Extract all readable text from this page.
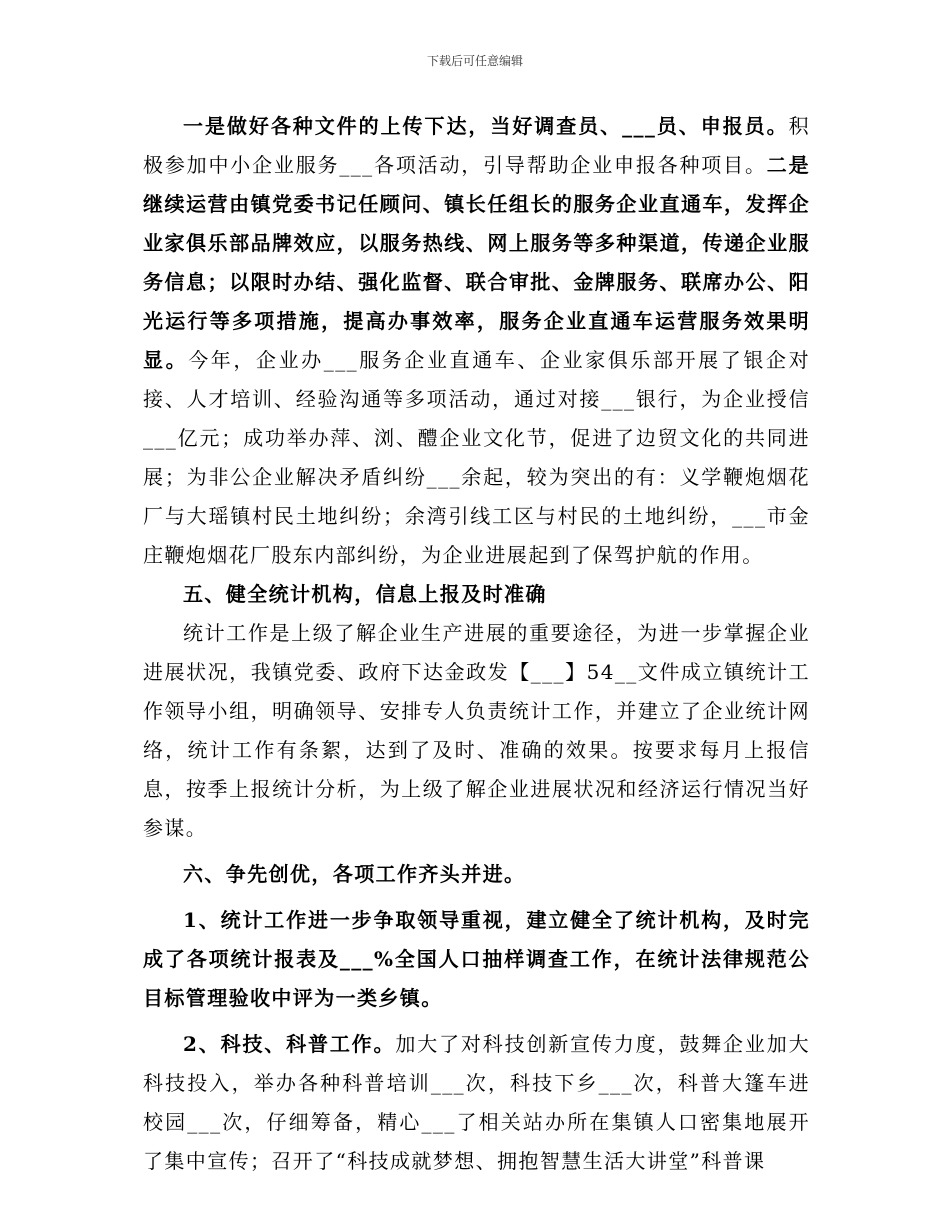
下载后可任意编辑

一是做好各种文件的上传下达，当好调查员、___员、申报员。积极参加中小企业服务___各项活动，引导帮助企业申报各种项目。二是继续运营由镇党委书记任顾问、镇长任组长的服务企业直通车，发挥企业家俱乐部品牌效应，以服务热线、网上服务等多种渠道，传递企业服务信息；以限时办结、强化监督、联合审批、金牌服务、联席办公、阳光运行等多项措施，提高办事效率，服务企业直通车运营服务效果明显。今年，企业办___服务企业直通车、企业家俱乐部开展了银企对接、人才培训、经验沟通等多项活动，通过对接___银行，为企业授信___亿元；成功举办萍、浏、醴企业文化节，促进了边贸文化的共同进展；为非公企业解决矛盾纠纷___余起，较为突出的有：义学鞭炮烟花厂与大瑶镇村民土地纠纷；余湾引线工区与村民的土地纠纷，___市金庄鞭炮烟花厂股东内部纠纷，为企业进展起到了保驾护航的作用。

五、健全统计机构，信息上报及时准确

统计工作是上级了解企业生产进展的重要途径，为进一步掌握企业进展状况，我镇党委、政府下达金政发【___】54__文件成立镇统计工作领导小组，明确领导、安排专人负责统计工作，并建立了企业统计网络，统计工作有条絮，达到了及时、准确的效果。按要求每月上报信息，按季上报统计分析，为上级了解企业进展状况和经济运行情况当好参谋。

六、争先创优，各项工作齐头并进。

1、统计工作进一步争取领导重视，建立健全了统计机构，及时完成了各项统计报表及___%全国人口抽样调查工作，在统计法律规范公目标管理验收中评为一类乡镇。

2、科技、科普工作。加大了对科技创新宣传力度，鼓舞企业加大科技投入，举办各种科普培训___次，科技下乡___次，科普大篷车进校园___次，仔细筹备，精心___了相关站办所在集镇人口密集地展开了集中宣传；召开了“科技成就梦想、拥抱智慧生活大讲堂”科普课
